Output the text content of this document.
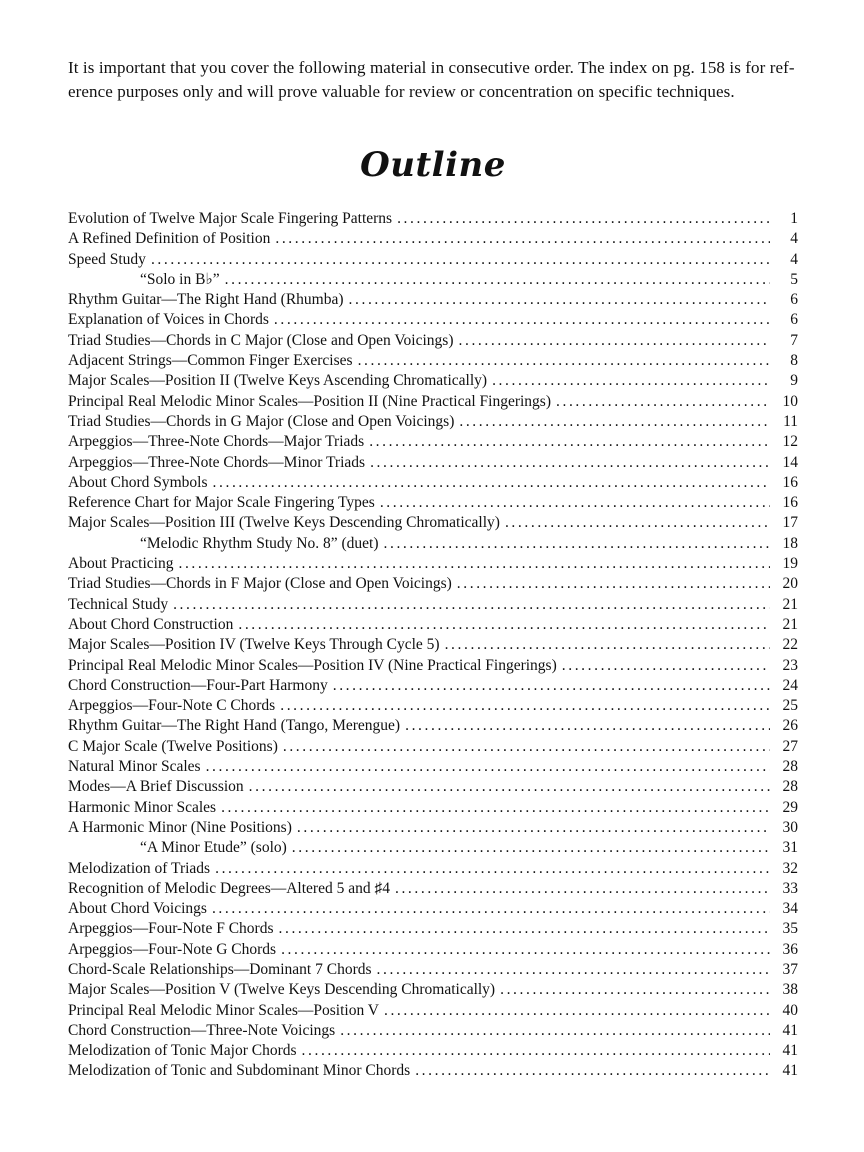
It is important that you cover the following material in consecutive order. The index on pg. 158 is for ref-
erence purposes only and will prove valuable for review or concentration on specific techniques.

Outline
Evolution of Twelve Major Scale Fingering Patterns .....	1
A Refined Definition of Position .....	4
Speed Study .....	4
“Solo in B♭” .....	5
Rhythm Guitar—The Right Hand (Rhumba) .....	6
Explanation of Voices in Chords .....	6
Triad Studies—Chords in C Major (Close and Open Voicings) .....	7
Adjacent Strings—Common Finger Exercises .....	8
Major Scales—Position II (Twelve Keys Ascending Chromatically) .....	9
Principal Real Melodic Minor Scales—Position II (Nine Practical Fingerings) .....	10
Triad Studies—Chords in G Major (Close and Open Voicings) .....	11
Arpeggios—Three-Note Chords—Major Triads .....	12
Arpeggios—Three-Note Chords—Minor Triads .....	14
About Chord Symbols .....	16
Reference Chart for Major Scale Fingering Types .....	16
Major Scales—Position III (Twelve Keys Descending Chromatically) .....	17
“Melodic Rhythm Study No. 8” (duet) .....	18
About Practicing .....	19
Triad Studies—Chords in F Major (Close and Open Voicings) .....	20
Technical Study .....	21
About Chord Construction .....	21
Major Scales—Position IV (Twelve Keys Through Cycle 5) .....	22
Principal Real Melodic Minor Scales—Position IV (Nine Practical Fingerings) .....	23
Chord Construction—Four-Part Harmony .....	24
Arpeggios—Four-Note C Chords .....	25
Rhythm Guitar—The Right Hand (Tango, Merengue) .....	26
C Major Scale (Twelve Positions) .....	27
Natural Minor Scales .....	28
Modes—A Brief Discussion .....	28
Harmonic Minor Scales .....	29
A Harmonic Minor (Nine Positions) .....	30
“A Minor Etude” (solo) .....	31
Melodization of Triads .....	32
Recognition of Melodic Degrees—Altered 5 and ♯4 .....	33
About Chord Voicings .....	34
Arpeggios—Four-Note F Chords .....	35
Arpeggios—Four-Note G Chords .....	36
Chord-Scale Relationships—Dominant 7 Chords .....	37
Major Scales—Position V (Twelve Keys Descending Chromatically) .....	38
Principal Real Melodic Minor Scales—Position V .....	40
Chord Construction—Three-Note Voicings .....	41
Melodization of Tonic Major Chords .....	41
Melodization of Tonic and Subdominant Minor Chords .....	41
